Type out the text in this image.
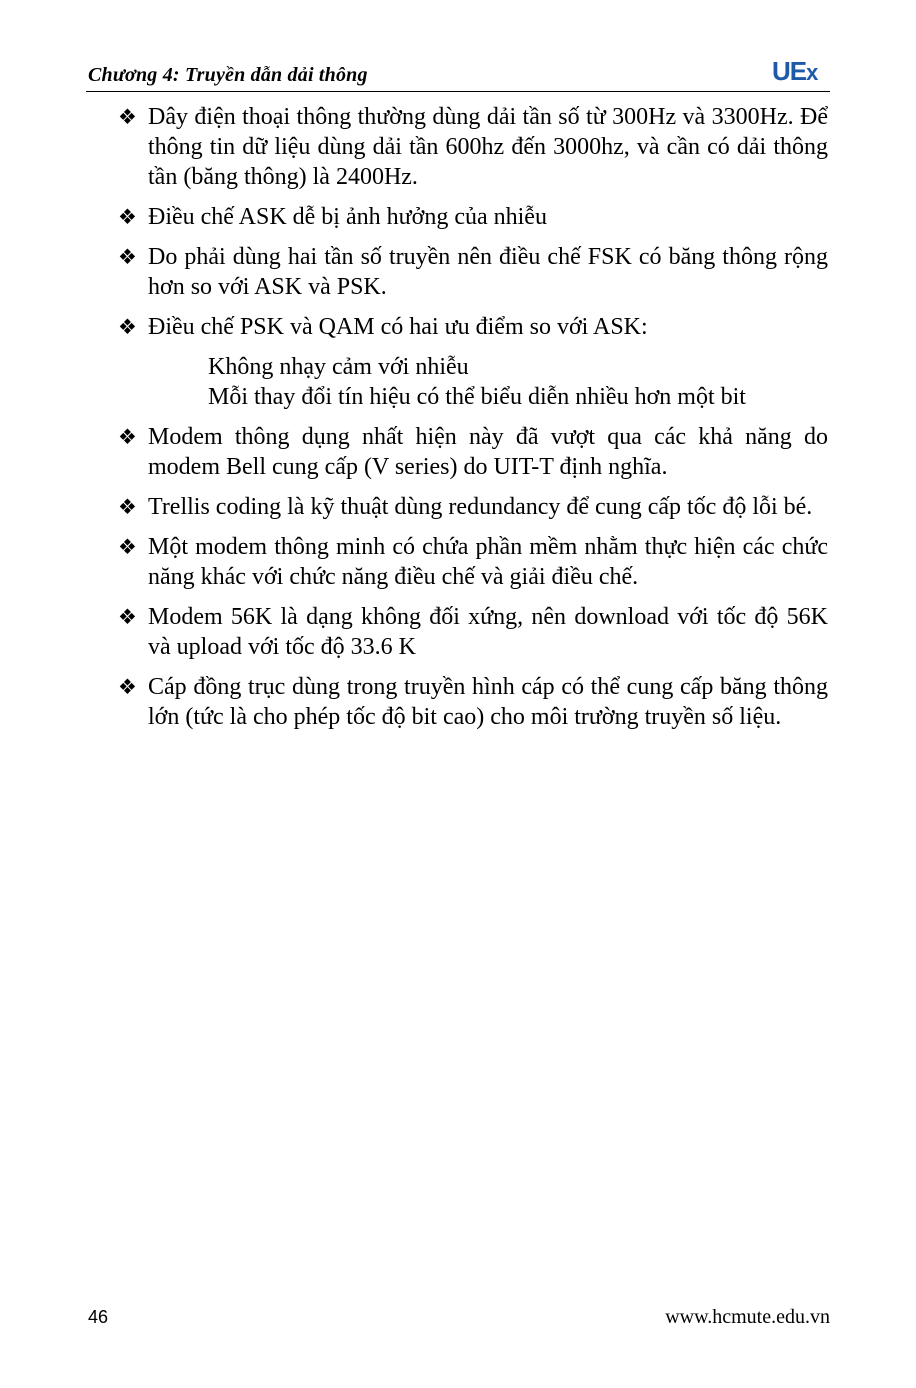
Chương 4: Truyền dẫn dải thông	UEx
❖ Dây điện thoại thông thường dùng dải tần số từ 300Hz và 3300Hz. Để thông tin dữ liệu dùng dải tần 600hz đến 3000hz, và cần có dải thông tần (băng thông) là 2400Hz.
❖ Điều chế ASK dễ bị ảnh hưởng của nhiễu
❖ Do phải dùng hai tần số truyền nên điều chế FSK có băng thông rộng hơn so với ASK và PSK.
❖ Điều chế PSK và QAM có hai ưu điểm so với ASK:
Không nhạy cảm với nhiễu
Mỗi thay đổi tín hiệu có thể biểu diễn nhiều hơn một bit
❖ Modem thông dụng nhất hiện này đã vượt qua các khả năng do modem Bell cung cấp (V series) do UIT-T định nghĩa.
❖ Trellis coding là kỹ thuật dùng redundancy để cung cấp tốc độ lỗi bé.
❖ Một modem thông minh có chứa phần mềm nhằm thực hiện các chức năng khác với chức năng điều chế và giải điều chế.
❖ Modem 56K là dạng không đối xứng, nên download với tốc độ 56K và upload với tốc độ 33.6 K
❖ Cáp đồng trục dùng trong truyền hình cáp có thể cung cấp băng thông lớn (tức là cho phép tốc độ bit cao) cho môi trường truyền số liệu.
46	www.hcmute.edu.vn
